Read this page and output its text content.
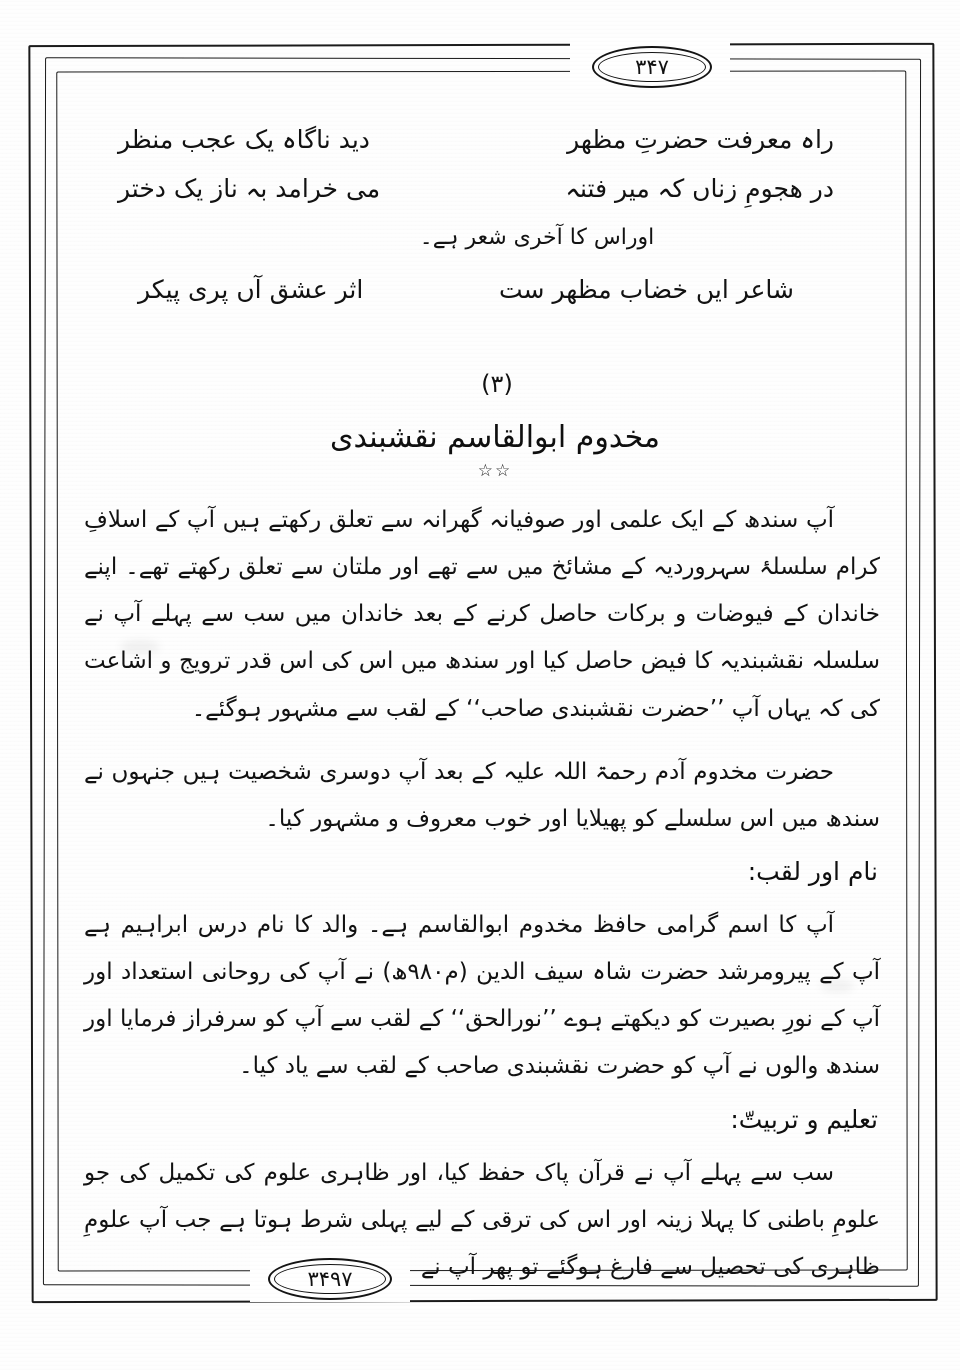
۳۴۷
۳۴۹۷
راہ معرفت حضرتِ مظهر
دید ناگاہ یک عجب منظر
در هجومِ زناں کہ میر فتنہ
می خرامد بہ ناز یک دختر
اوراس کا آخری شعر ہے۔
شاعر ایں خضاب مظهر ست
اثر عشق آں پری پیکر
(۳)
مخدوم ابوالقاسم نقشبندی
☆☆

آپ سندھ کے ایک علمی اور صوفیانہ گھرانہ سے تعلق رکھتے ہیں آپ کے اسلافِ کرام سلسلۂ سہروردیہ کے مشائخ میں سے تھے اور ملتان سے تعلق رکھتے تھے۔ اپنے خاندان کے فیوضات و برکات حاصل کرنے کے بعد خاندان میں سب سے پہلے آپ نے سلسلہ نقشبندیہ کا فیض حاصل کیا اور سندھ میں اس کی اس قدر ترویج و اشاعت کی کہ یہاں آپ ’’حضرت نقشبندی صاحب‘‘ کے لقب سے مشہور ہوگئے۔

حضرت مخدوم آدم رحمۃ اللہ علیہ کے بعد آپ دوسری شخصیت ہیں جنہوں نے سندھ میں اس سلسلے کو پھیلایا اور خوب معروف و مشہور کیا۔

نام اور لقب:

آپ کا اسم گرامی حافظ مخدوم ابوالقاسم ہے۔ والد کا نام درس ابراہیم ہے آپ کے پیرومرشد حضرت شاہ سیف الدین (م۹۸۰ھ) نے آپ کی روحانی استعداد اور آپ کے نورِ بصیرت کو دیکھتے ہوے ’’نورالحق‘‘ کے لقب سے آپ کو سرفراز فرمایا اور سندھ والوں نے آپ کو حضرت نقشبندی صاحب کے لقب سے یاد کیا۔

تعلیم و تربیتّ:

سب سے پہلے آپ نے قرآن پاک حفظ کیا، اور ظاہری علوم کی تکمیل کی جو علومِ باطنی کا پہلا زینہ اور اس کی ترقی کے لیے پہلی شرط ہوتا ہے جب آپ علومِ ظاہری کی تحصیل سے فارغ ہوگئے تو پھر آپ نے
